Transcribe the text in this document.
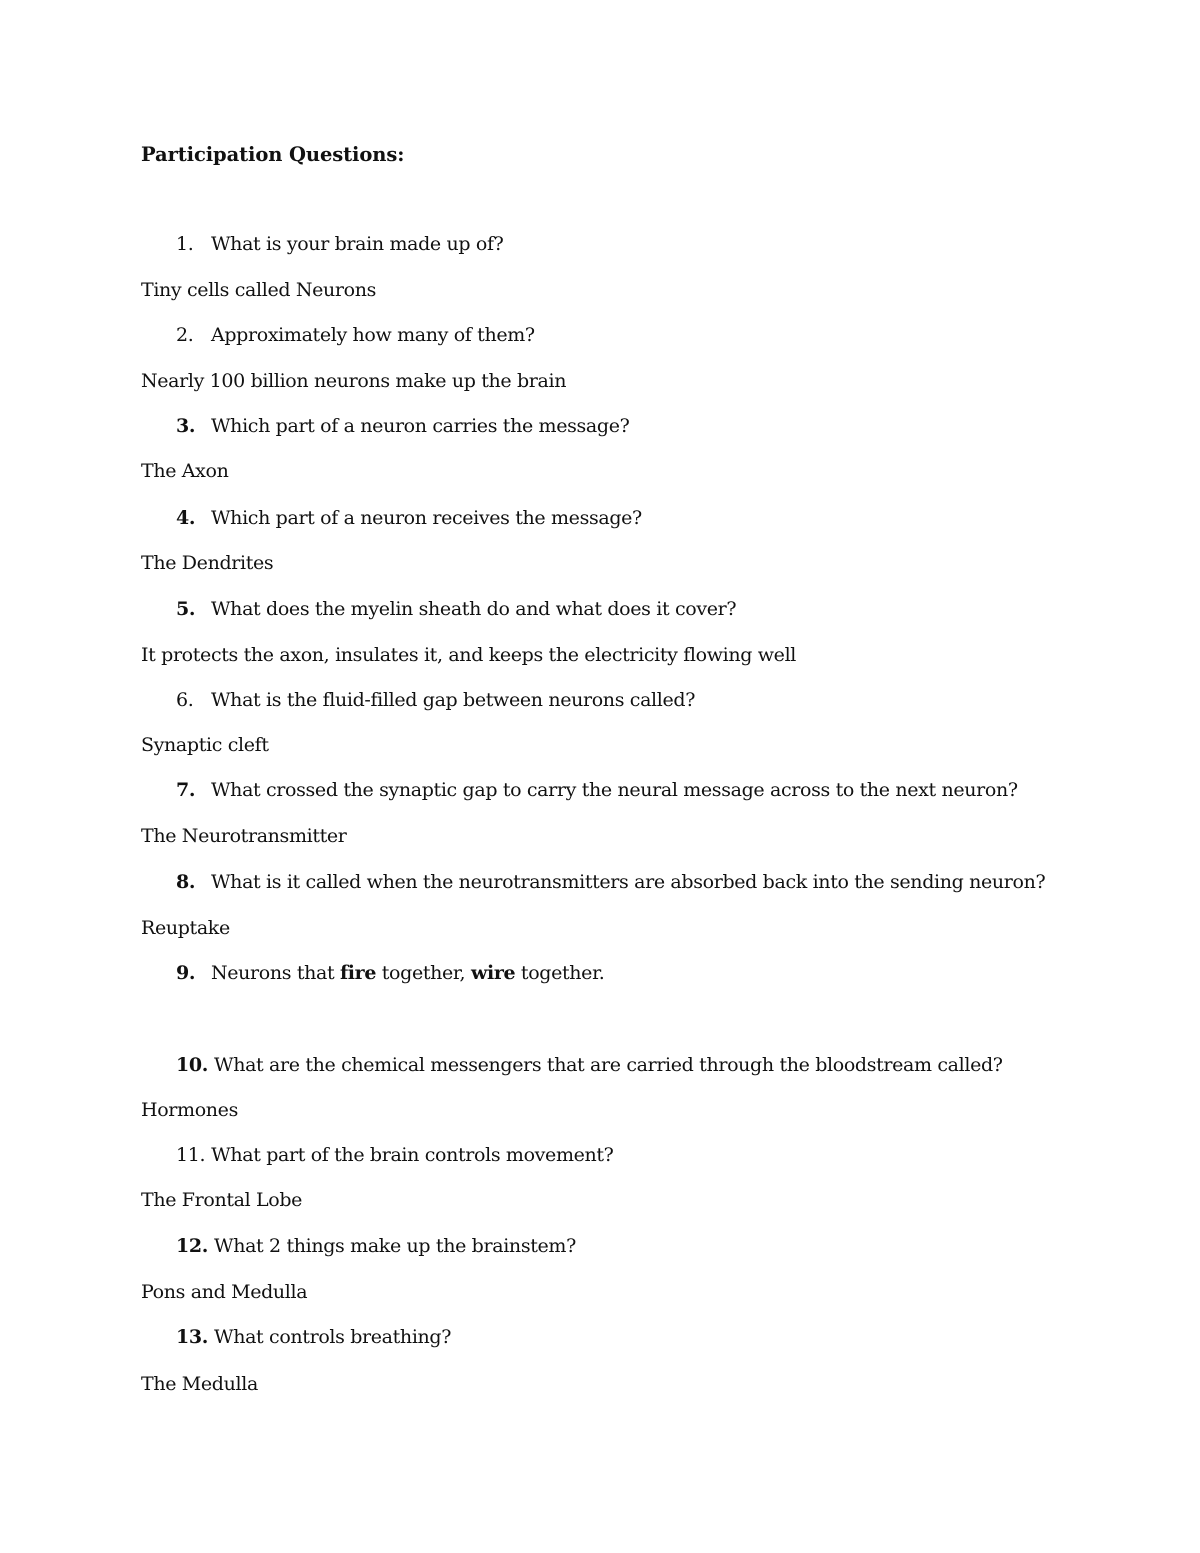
Participation Questions:
1. What is your brain made up of?
Tiny cells called Neurons
2. Approximately how many of them?
Nearly 100 billion neurons make up the brain
3. Which part of a neuron carries the message?
The Axon
4. Which part of a neuron receives the message?
The Dendrites
5. What does the myelin sheath do and what does it cover?
It protects the axon, insulates it, and keeps the electricity flowing well
6. What is the fluid-filled gap between neurons called?
Synaptic cleft
7. What crossed the synaptic gap to carry the neural message across to the next neuron?
The Neurotransmitter
8. What is it called when the neurotransmitters are absorbed back into the sending neuron?
Reuptake
9. Neurons that fire together, wire together.
10. What are the chemical messengers that are carried through the bloodstream called?
Hormones
11. What part of the brain controls movement?
The Frontal Lobe
12. What 2 things make up the brainstem?
Pons and Medulla
13. What controls breathing?
The Medulla
